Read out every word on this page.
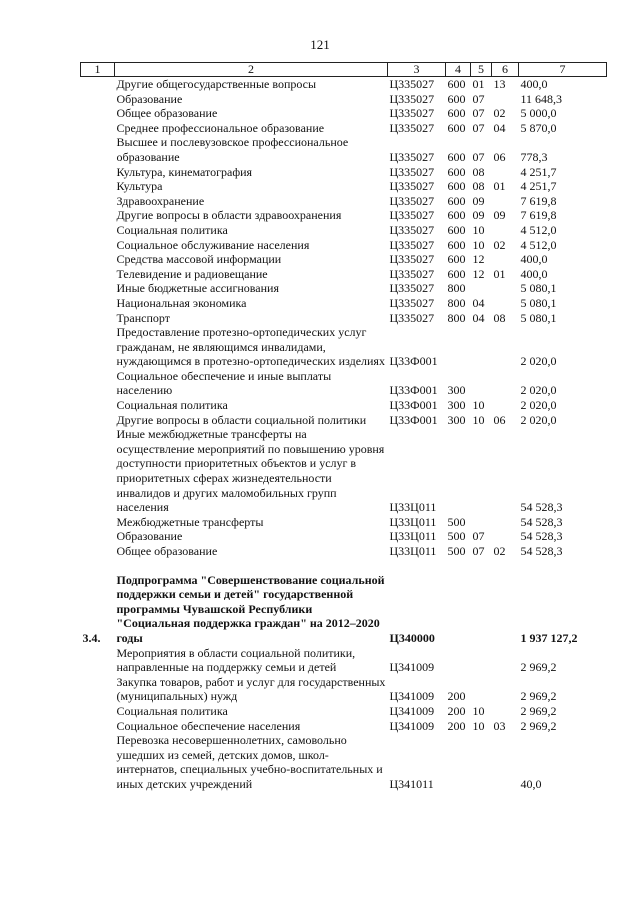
121
1	2	3	4	5	6	7
	Другие общегосударственные вопросы	Ц335027	600	01	13	400,0
	Образование	Ц335027	600	07		11 648,3
	Общее образование	Ц335027	600	07	02	5 000,0
	Среднее профессиональное образование	Ц335027	600	07	04	5 870,0
	Высшее и послевузовское профессиональное образование	Ц335027	600	07	06	778,3
	Культура, кинематография	Ц335027	600	08		4 251,7
	Культура	Ц335027	600	08	01	4 251,7
	Здравоохранение	Ц335027	600	09		7 619,8
	Другие вопросы в области здравоохранения	Ц335027	600	09	09	7 619,8
	Социальная политика	Ц335027	600	10		4 512,0
	Социальное обслуживание населения	Ц335027	600	10	02	4 512,0
	Средства массовой информации	Ц335027	600	12		400,0
	Телевидение и радиовещание	Ц335027	600	12	01	400,0
	Иные бюджетные ассигнования	Ц335027	800			5 080,1
	Национальная экономика	Ц335027	800	04		5 080,1
	Транспорт	Ц335027	800	04	08	5 080,1
	Предоставление протезно-ортопедических услуг гражданам, не являющимся инвалидами, нуждающимся в протезно-ортопедических изделиях	Ц33Ф001				2 020,0
	Социальное обеспечение и иные выплаты населению	Ц33Ф001	300			2 020,0
	Социальная политика	Ц33Ф001	300	10		2 020,0
	Другие вопросы в области социальной политики	Ц33Ф001	300	10	06	2 020,0
	Иные межбюджетные трансферты на осуществление мероприятий по повышению уровня доступности приоритетных объектов и услуг в приоритетных сферах жизнедеятельности инвалидов и других маломобильных групп населения	Ц33Ц011				54 528,3
	Межбюджетные трансферты	Ц33Ц011	500			54 528,3
	Образование	Ц33Ц011	500	07		54 528,3
	Общее образование	Ц33Ц011	500	07	02	54 528,3

3.4.	Подпрограмма "Совершенствование социальной поддержки семьи и детей" государственной программы Чувашской Республики "Социальная поддержка граждан" на 2012–2020 годы	Ц340000				1 937 127,2
	Мероприятия в области социальной политики, направленные на поддержку семьи и детей	Ц341009				2 969,2
	Закупка товаров, работ и услуг для государственных (муниципальных) нужд	Ц341009	200			2 969,2
	Социальная политика	Ц341009	200	10		2 969,2
	Социальное обеспечение населения	Ц341009	200	10	03	2 969,2
	Перевозка несовершеннолетних, самовольно ушедших из семей, детских домов, школ-интернатов, специальных учебно-воспитательных и иных детских учреждений	Ц341011				40,0
